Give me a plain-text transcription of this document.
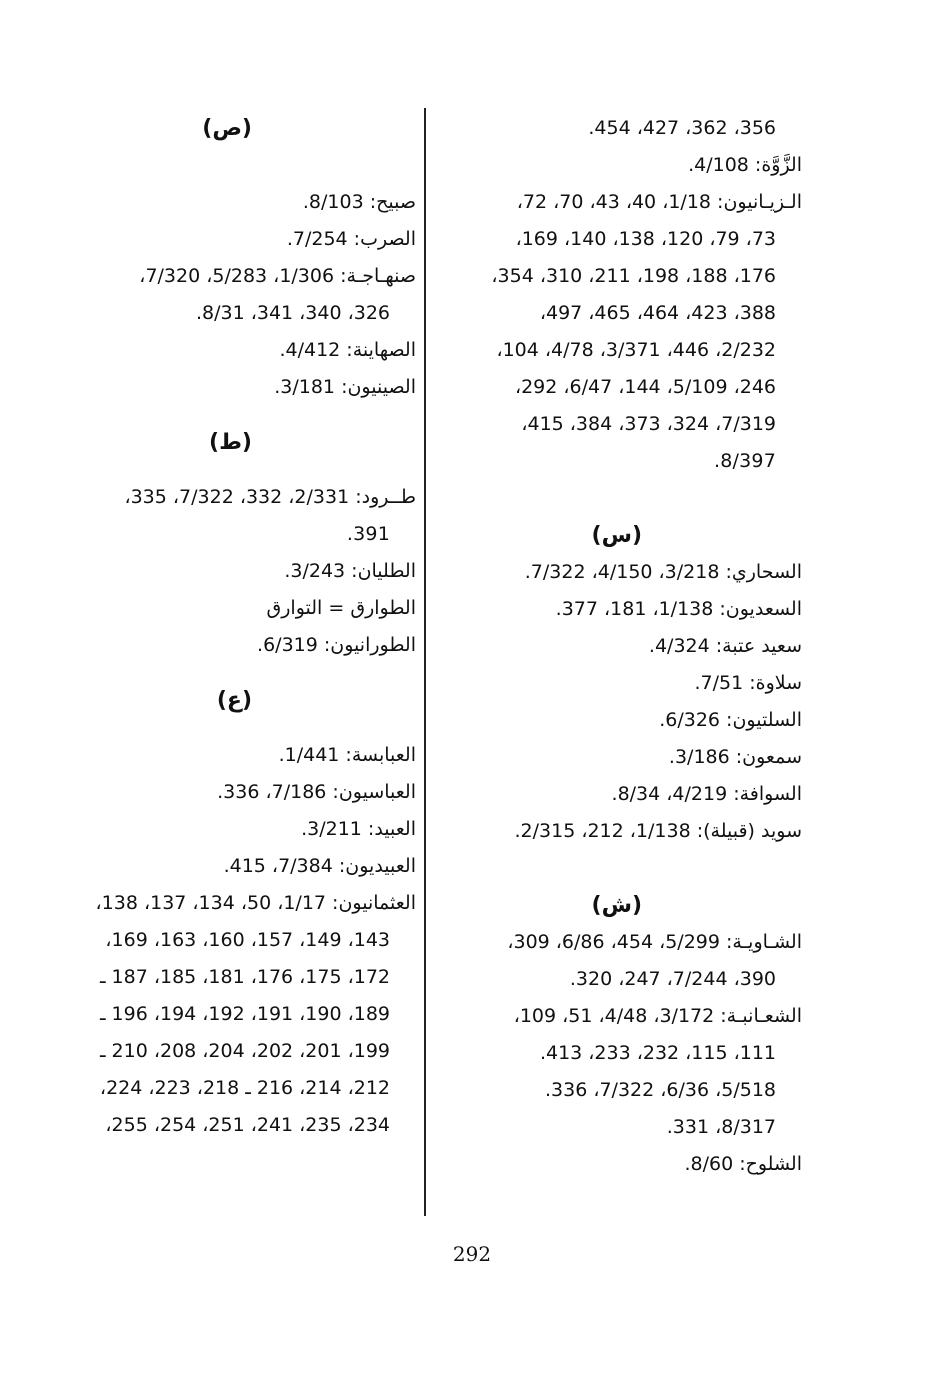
356، 362، 427، 454.
الزَّوَّة: 4/108.
الـزيـانيون: 1/18، 40، 43، 70، 72،
73، 79، 120، 138، 140، 169،
176، 188، 198، 211، 310، 354،
388، 423، 464، 465، 497،
2/232، 446، 3/371، 4/78، 104،
246، 5/109، 144، 6/47، 292،
7/319، 324، 373، 384، 415،
8/397.
(س)
السحاري: 3/218، 4/150، 7/322.
السعديون: 1/138، 181، 377.
سعيد عتبة: 4/324.
سلاوة: 7/51.
السلتيون: 6/326.
سمعون: 3/186.
السوافة: 4/219، 8/34.
سويد (قبيلة): 1/138، 212، 2/315.
(ش)
الشـاويـة: 5/299، 454، 6/86، 309،
390، 7/244، 247، 320.
الشعـانبـة: 3/172، 4/48، 51، 109،
111، 115، 232، 233، 413.
5/518، 6/36، 7/322، 336.
8/317، 331.
الشلوح: 8/60.
(ص)
صبيح: 8/103.
الصرب: 7/254.
صنهـاجـة: 1/306، 5/283، 7/320،
326، 340، 341، 8/31.
الصهاينة: 4/412.
الصينيون: 3/181.
(ط)
طــرود: 2/331، 332، 7/322، 335،
391.
الطليان: 3/243.
الطوارق = التوارق
الطورانيون: 6/319.
(ع)
العبابسة: 1/441.
العباسيون: 7/186، 336.
العبيد: 3/211.
العبيديون: 7/384، 415.
العثمانيون: 1/17، 50، 134، 137، 138،
143، 149، 157، 160، 163، 169،
172، 175، 176، 181، 185، 187 ـ
189، 190، 191، 192، 194، 196 ـ
199، 201، 202، 204، 208، 210 ـ
212، 214، 216 ـ 218، 223، 224،
234، 235، 241، 251، 254، 255،
292
